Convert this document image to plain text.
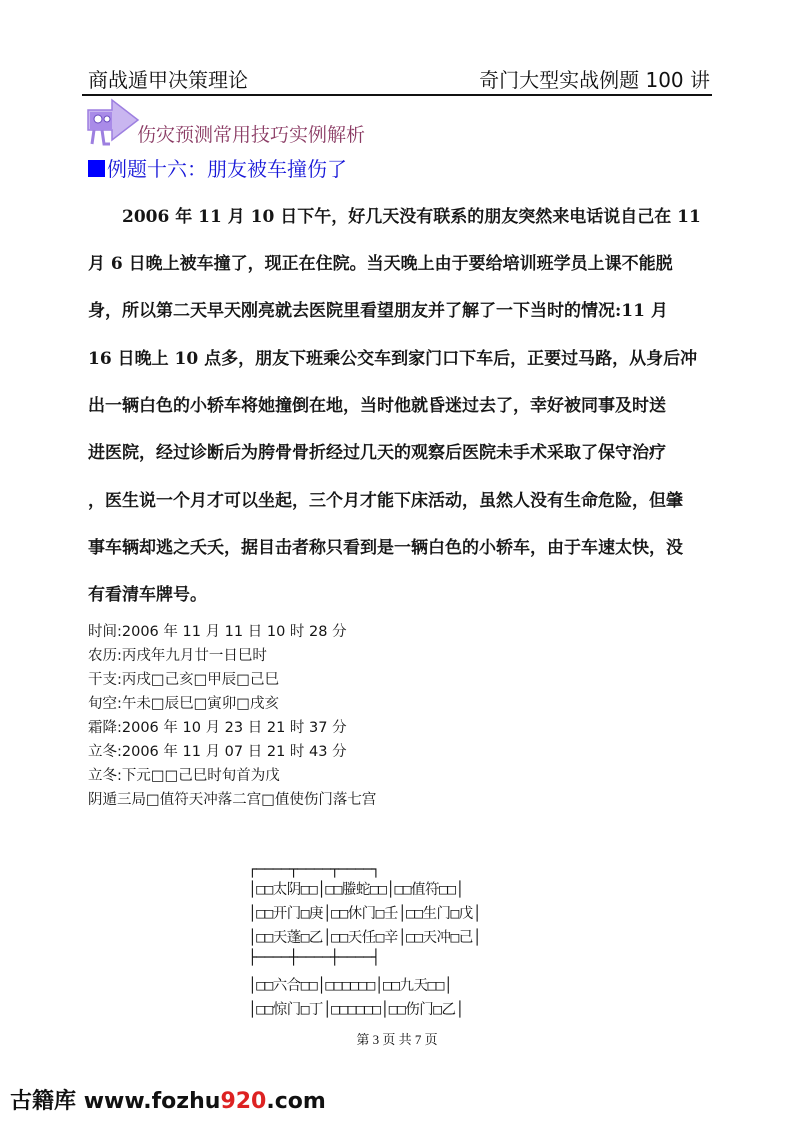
商战遁甲决策理论	奇门大型实战例题 100 讲
伤灾预测常用技巧实例解析
例题十六：朋友被车撞伤了
　　2006 年 11 月 10 日下午，好几天没有联系的朋友突然来电话说自己在 11
月 6 日晚上被车撞了，现正在住院。当天晚上由于要给培训班学员上课不能脱
身，所以第二天早天刚亮就去医院里看望朋友并了解了一下当时的情况:11 月
16 日晚上 10 点多，朋友下班乘公交车到家门口下车后，正要过马路，从身后冲
出一辆白色的小轿车将她撞倒在地，当时他就昏迷过去了，幸好被同事及时送
进医院，经过诊断后为胯骨骨折经过几天的观察后医院未手术采取了保守治疗
，医生说一个月才可以坐起，三个月才能下床活动，虽然人没有生命危险，但肇
事车辆却逃之夭夭，据目击者称只看到是一辆白色的小轿车，由于车速太快，没
有看清车牌号。
时间:2006 年 11 月 11 日 10 时 28 分
农历:丙戌年九月廿一日巳时
干支:丙戌□己亥□甲辰□己巳
旬空:午未□辰巳□寅卯□戌亥
霜降:2006 年 10 月 23 日 21 时 37 分
立冬:2006 年 11 月 07 日 21 时 43 分
立冬:下元□□己巳时旬首为戊
阴遁三局□值符天冲落二宫□值使伤门落七宫
┌────┬────┬────┐
│□□太阴□□│□□螣蛇□□│□□值符□□│
│□□开门□庚│□□休门□壬│□□生门□戊│
│□□天蓬□乙│□□天任□辛│□□天冲□己│
├────┼────┼────┤
│□□六合□□│□□□□□□│□□九天□□│
│□□惊门□丁│□□□□□□│□□伤门□乙│
第 3 页 共 7 页
古籍库 www.fozhu920.com
